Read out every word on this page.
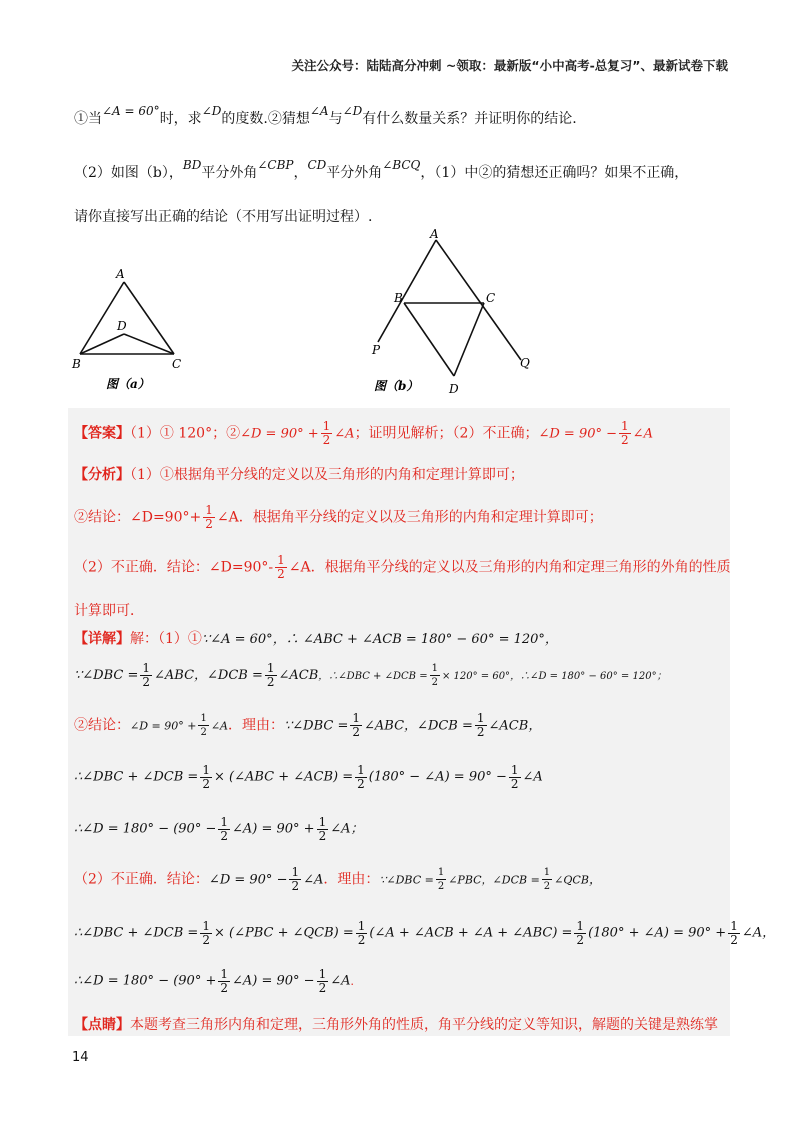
关注公众号：陆陆高分冲刺 ~领取：最新版“小中高考-总复习”、最新试卷下载
①当∠A = 60°时，求∠D的度数.②猜想∠A与∠D有什么数量关系？并证明你的结论.
（2）如图（b），BD平分外角∠CBP，CD平分外角∠BCQ，（1）中②的猜想还正确吗？如果不正确，
请你直接写出正确的结论（不用写出证明过程）.
A
D
B	C
图（a）
A
B	C
P
Q
D
图（b）
【答案】（1）① 120°；②∠D = $90^\circ + \frac{1}{2}$ ∠A；证明见解析；（2）不正确；∠D = $90^\circ - \frac{1}{2}$ ∠A
【分析】（1）①根据角平分线的定义以及三角形的内角和定理计算即可；
②结论：∠D=90°+ $\frac{1}{2}$ ∠A．根据角平分线的定义以及三角形的内角和定理计算即可；
（2）不正确．结论：∠D=90°- $\frac{1}{2}$ ∠A．根据角平分线的定义以及三角形的内角和定理三角形的外角的性质
计算即可．
【详解】解：（1）①∵∠A = 60°，∴ ∠ABC + ∠ACB = 180° − 60° = 120°，
∵∠DBC = $\frac{1}{2}$ ∠ABC，∠DCB = $\frac{1}{2}$ ∠ACB，∴∠DBC + ∠DCB = $\frac{1}{2} \times 120^\circ = 60^\circ$，∴∠D = 180° − 60° = 120°；
②结论：∠D = $90^\circ + \frac{1}{2}$ ∠A．理由：∵∠DBC = $\frac{1}{2}$ ∠ABC，∠DCB = $\frac{1}{2}$ ∠ACB，
∴∠DBC + ∠DCB = $\frac{1}{2}$ × (∠ABC + ∠ACB) = $\frac{1}{2} (180^\circ$ − ∠A) = $90^\circ - \frac{1}{2}$ ∠A
∴∠D = $180^\circ - (90^\circ - \frac{1}{2}$ ∠A) = $90^\circ + \frac{1}{2}$ ∠A；
（2）不正确．结论：∠D = $90^\circ - \frac{1}{2}$ ∠A．理由：∵∠DBC = $\frac{1}{2}$ ∠PBC，∠DCB = $\frac{1}{2}$ ∠QCB，
∴∠DBC + ∠DCB = $\frac{1}{2}$ × (∠PBC + ∠QCB) = $\frac{1}{2}$ (∠A + ∠ACB + ∠A + ∠ABC) = $\frac{1}{2} (180^\circ$ + ∠A) = $90^\circ + \frac{1}{2}$ ∠A，
∴∠D = $180^\circ - (90^\circ + \frac{1}{2}$ ∠A) = $90^\circ - \frac{1}{2}$ ∠A．
【点睛】本题考查三角形内角和定理，三角形外角的性质，角平分线的定义等知识，解题的关键是熟练掌
14
